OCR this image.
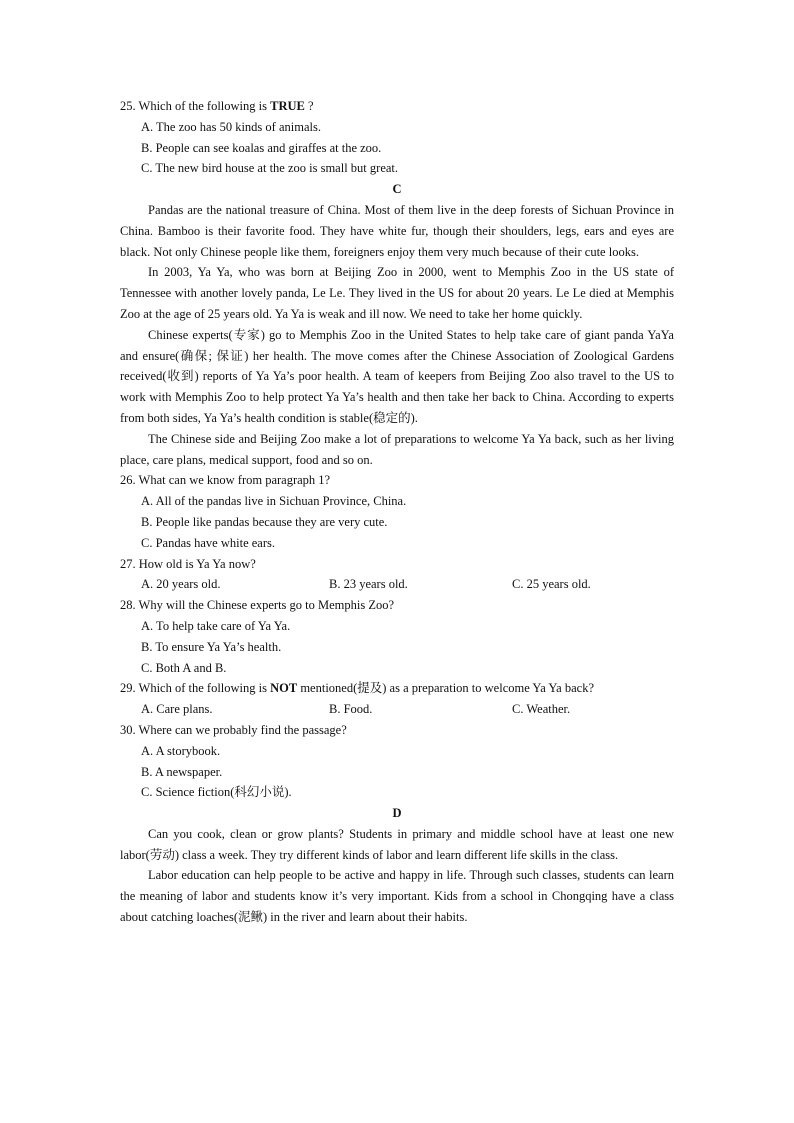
25. Which of the following is TRUE ?

A. The zoo has 50 kinds of animals.

B. People can see koalas and giraffes at the zoo.

C. The new bird house at the zoo is small but great.

C

Pandas are the national treasure of China. Most of them live in the deep forests of Sichuan Province in China. Bamboo is their favorite food. They have white fur, though their shoulders, legs, ears and eyes are black. Not only Chinese people like them, foreigners enjoy them very much because of their cute looks.

In 2003, Ya Ya, who was born at Beijing Zoo in 2000, went to Memphis Zoo in the US state of Tennessee with another lovely panda, Le Le. They lived in the US for about 20 years. Le Le died at Memphis Zoo at the age of 25 years old. Ya Ya is weak and ill now. We need to take her home quickly.

Chinese experts(专家) go to Memphis Zoo in the United States to help take care of giant panda YaYa and ensure(确保; 保证) her health. The move comes after the Chinese Association of Zoological Gardens received(收到) reports of Ya Ya’s poor health. A team of keepers from Beijing Zoo also travel to the US to work with Memphis Zoo to help protect Ya Ya’s health and then take her back to China. According to experts from both sides, Ya Ya’s health condition is stable(稳定的).

The Chinese side and Beijing Zoo make a lot of preparations to welcome Ya Ya back, such as her living place, care plans, medical support, food and so on.

26. What can we know from paragraph 1?

A. All of the pandas live in Sichuan Province, China.

B. People like pandas because they are very cute.

C. Pandas have white ears.

27. How old is Ya Ya now?

A. 20 years old.	B. 23 years old.	C. 25 years old.

28. Why will the Chinese experts go to Memphis Zoo?

A. To help take care of Ya Ya.

B. To ensure Ya Ya’s health.

C. Both A and B.

29. Which of the following is NOT mentioned(提及) as a preparation to welcome Ya Ya back?

A. Care plans.	B. Food.	C. Weather.

30. Where can we probably find the passage?

A. A storybook.

B. A newspaper.

C. Science fiction(科幻小说).

D

Can you cook, clean or grow plants? Students in primary and middle school have at least one new labor(劳动) class a week. They try different kinds of labor and learn different life skills in the class.

Labor education can help people to be active and happy in life. Through such classes, students can learn the meaning of labor and students know it’s very important. Kids from a school in Chongqing have a class about catching loaches(泥鳅) in the river and learn about their habits.
